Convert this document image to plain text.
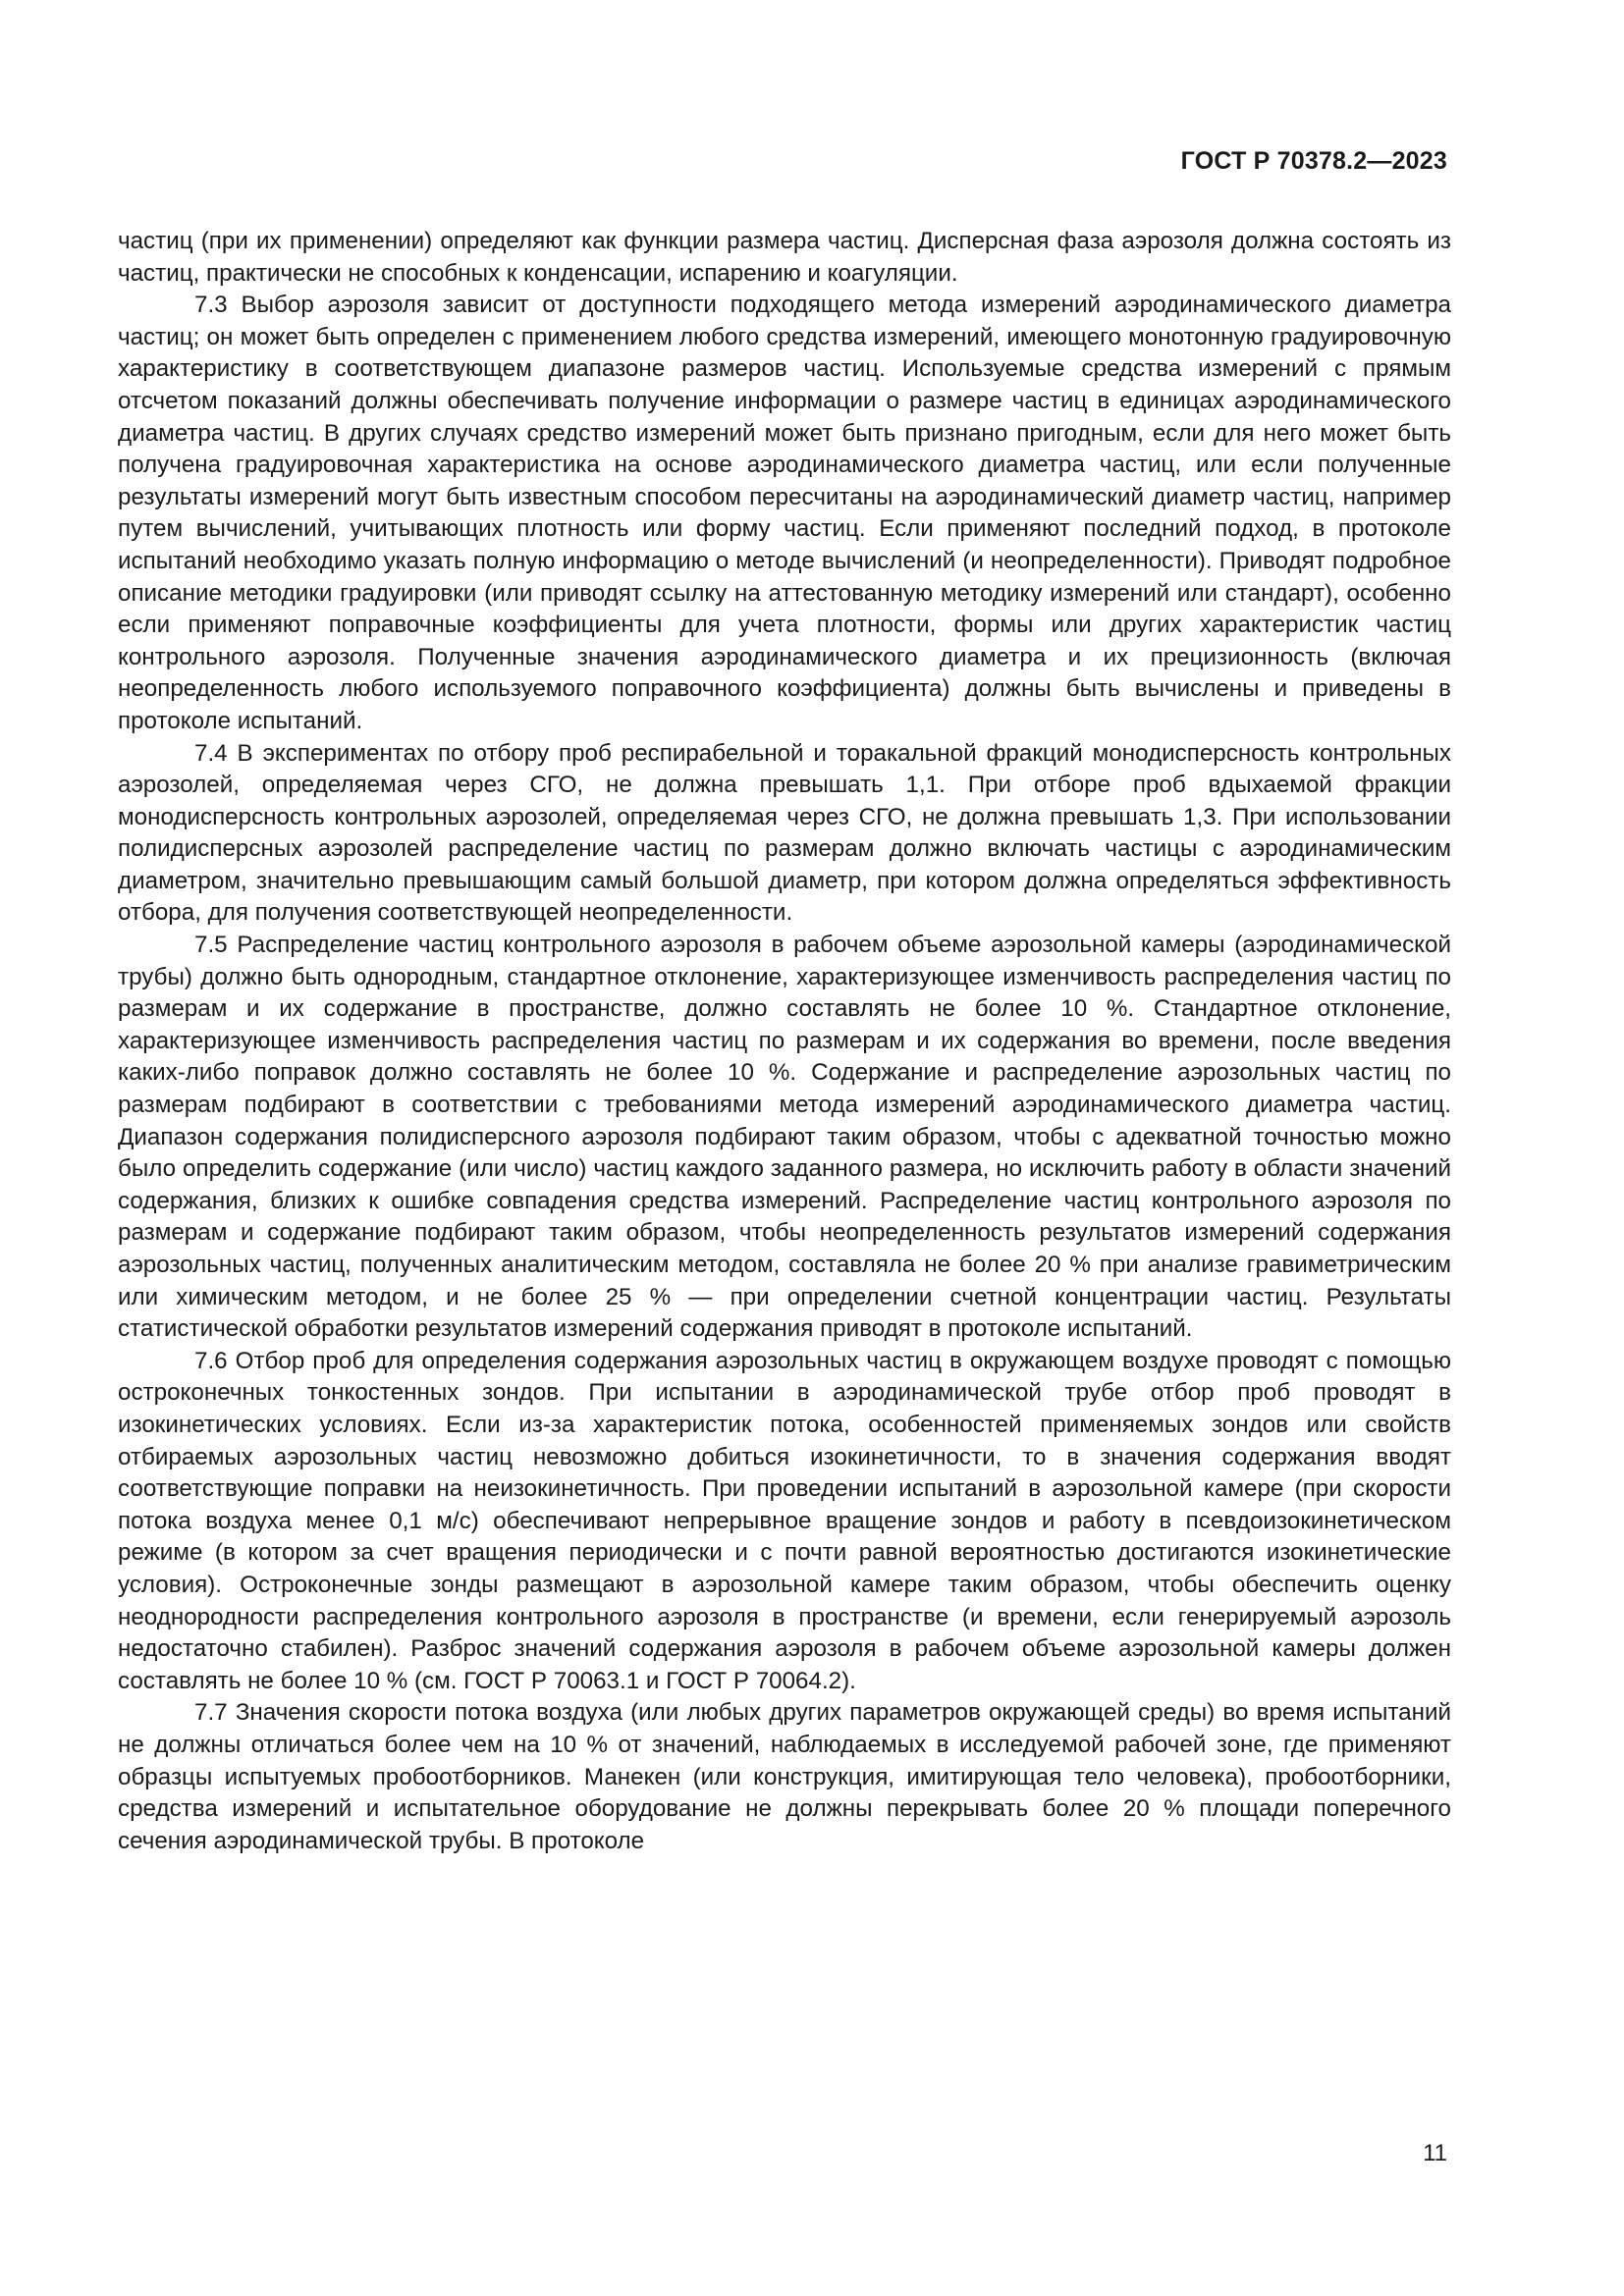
ГОСТ Р 70378.2—2023

частиц (при их применении) определяют как функции размера частиц. Дисперсная фаза аэрозоля должна состоять из частиц, практически не способных к конденсации, испарению и коагуляции.

7.3 Выбор аэрозоля зависит от доступности подходящего метода измерений аэродинамического диаметра частиц; он может быть определен с применением любого средства измерений, имеющего монотонную градуировочную характеристику в соответствующем диапазоне размеров частиц. Используемые средства измерений с прямым отсчетом показаний должны обеспечивать получение информации о размере частиц в единицах аэродинамического диаметра частиц. В других случаях средство измерений может быть признано пригодным, если для него может быть получена градуировочная характеристика на основе аэродинамического диаметра частиц, или если полученные результаты измерений могут быть известным способом пересчитаны на аэродинамический диаметр частиц, например путем вычислений, учитывающих плотность или форму частиц. Если применяют последний подход, в протоколе испытаний необходимо указать полную информацию о методе вычислений (и неопределенности). Приводят подробное описание методики градуировки (или приводят ссылку на аттестованную методику измерений или стандарт), особенно если применяют поправочные коэффициенты для учета плотности, формы или других характеристик частиц контрольного аэрозоля. Полученные значения аэродинамического диаметра и их прецизионность (включая неопределенность любого используемого поправочного коэффициента) должны быть вычислены и приведены в протоколе испытаний.

7.4 В экспериментах по отбору проб респирабельной и торакальной фракций монодисперсность контрольных аэрозолей, определяемая через СГО, не должна превышать 1,1. При отборе проб вдыхаемой фракции монодисперсность контрольных аэрозолей, определяемая через СГО, не должна превышать 1,3. При использовании полидисперсных аэрозолей распределение частиц по размерам должно включать частицы с аэродинамическим диаметром, значительно превышающим самый большой диаметр, при котором должна определяться эффективность отбора, для получения соответствующей неопределенности.

7.5 Распределение частиц контрольного аэрозоля в рабочем объеме аэрозольной камеры (аэродинамической трубы) должно быть однородным, стандартное отклонение, характеризующее изменчивость распределения частиц по размерам и их содержание в пространстве, должно составлять не более 10 %. Стандартное отклонение, характеризующее изменчивость распределения частиц по размерам и их содержания во времени, после введения каких-либо поправок должно составлять не более 10 %. Содержание и распределение аэрозольных частиц по размерам подбирают в соответствии с требованиями метода измерений аэродинамического диаметра частиц. Диапазон содержания полидисперсного аэрозоля подбирают таким образом, чтобы с адекватной точностью можно было определить содержание (или число) частиц каждого заданного размера, но исключить работу в области значений содержания, близких к ошибке совпадения средства измерений. Распределение частиц контрольного аэрозоля по размерам и содержание подбирают таким образом, чтобы неопределенность результатов измерений содержания аэрозольных частиц, полученных аналитическим методом, составляла не более 20 % при анализе гравиметрическим или химическим методом, и не более 25 % — при определении счетной концентрации частиц. Результаты статистической обработки результатов измерений содержания приводят в протоколе испытаний.

7.6 Отбор проб для определения содержания аэрозольных частиц в окружающем воздухе проводят с помощью остроконечных тонкостенных зондов. При испытании в аэродинамической трубе отбор проб проводят в изокинетических условиях. Если из-за характеристик потока, особенностей применяемых зондов или свойств отбираемых аэрозольных частиц невозможно добиться изокинетичности, то в значения содержания вводят соответствующие поправки на неизокинетичность. При проведении испытаний в аэрозольной камере (при скорости потока воздуха менее 0,1 м/с) обеспечивают непрерывное вращение зондов и работу в псевдоизокинетическом режиме (в котором за счет вращения периодически и с почти равной вероятностью достигаются изокинетические условия). Остроконечные зонды размещают в аэрозольной камере таким образом, чтобы обеспечить оценку неоднородности распределения контрольного аэрозоля в пространстве (и времени, если генерируемый аэрозоль недостаточно стабилен). Разброс значений содержания аэрозоля в рабочем объеме аэрозольной камеры должен составлять не более 10 % (см. ГОСТ Р 70063.1 и ГОСТ Р 70064.2).

7.7 Значения скорости потока воздуха (или любых других параметров окружающей среды) во время испытаний не должны отличаться более чем на 10 % от значений, наблюдаемых в исследуемой рабочей зоне, где применяют образцы испытуемых пробоотборников. Манекен (или конструкция, имитирующая тело человека), пробоотборники, средства измерений и испытательное оборудование не должны перекрывать более 20 % площади поперечного сечения аэродинамической трубы. В протоколе

11
